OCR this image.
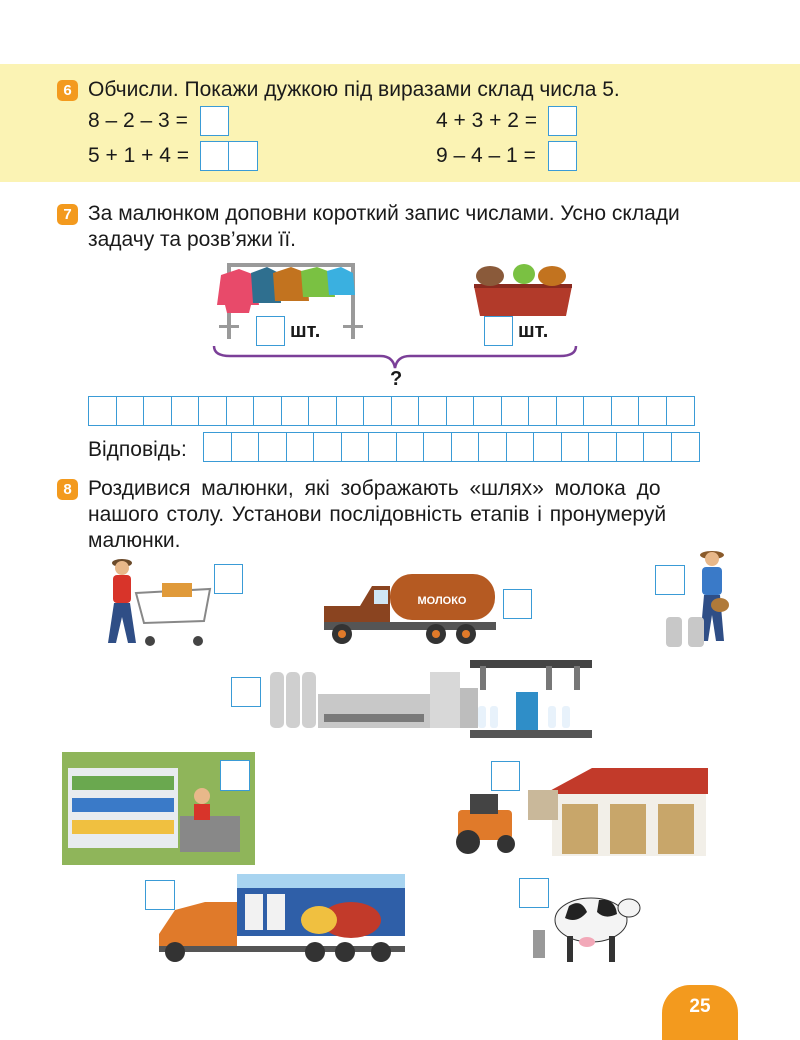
6 Обчисли. Покажи дужкою під виразами склад числа 5.
8 – 2 – 3 =	4 + 3 + 2 =
5 + 1 + 4 =	9 – 4 – 1 =
7 За малюнком доповни короткий запис числами. Усно склади
задачу та розв’яжи її.
шт.	шт.
?
Відповідь:
8 Роздивися малюнки, які зображають «шлях» молока до
нашого столу. Установи послідовність етапів і пронумеруй
малюнки.
МОЛОКО
25
